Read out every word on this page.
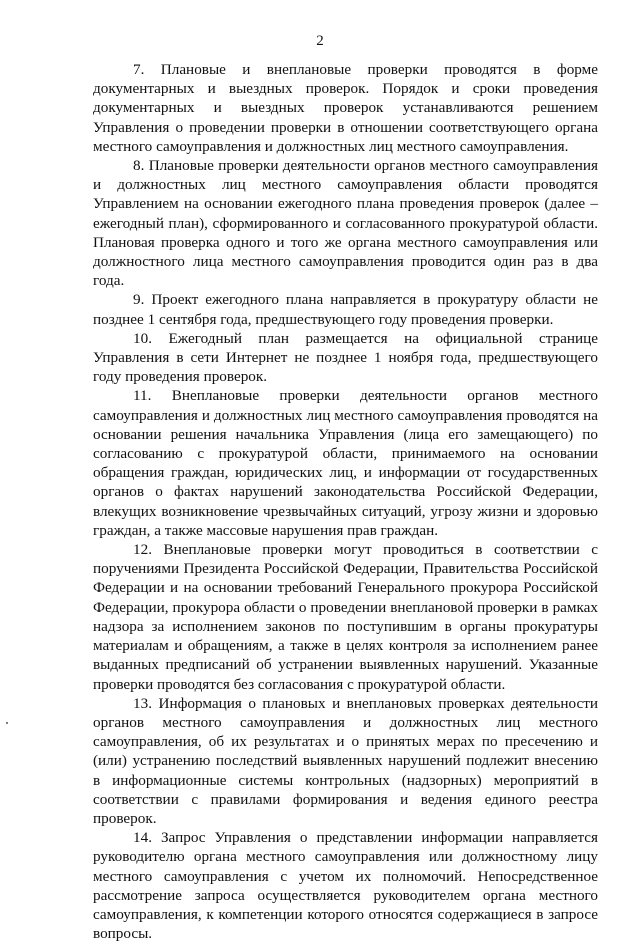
2

7. Плановые и внеплановые проверки проводятся в форме документарных и выездных проверок. Порядок и сроки проведения документарных и выездных проверок устанавливаются решением Управления о проведении проверки в отношении соответствующего органа местного самоуправления и должностных лиц местного самоуправления.

8. Плановые проверки деятельности органов местного самоуправления и должностных лиц местного самоуправления области проводятся Управлением на основании ежегодного плана проведения проверок (далее – ежегодный план), сформированного и согласованного прокуратурой области. Плановая проверка одного и того же органа местного самоуправления или должностного лица местного самоуправления проводится один раз в два года.

9. Проект ежегодного плана направляется в прокуратуру области не позднее 1 сентября года, предшествующего году проведения проверки.

10. Ежегодный план размещается на официальной странице Управления в сети Интернет не позднее 1 ноября года, предшествующего году проведения проверок.

11. Внеплановые проверки деятельности органов местного самоуправления и должностных лиц местного самоуправления проводятся на основании решения начальника Управления (лица его замещающего) по согласованию с прокуратурой области, принимаемого на основании обращения граждан, юридических лиц, и информации от государственных органов о фактах нарушений законодательства Российской Федерации, влекущих возникновение чрезвычайных ситуаций, угрозу жизни и здоровью граждан, а также массовые нарушения прав граждан.

12. Внеплановые проверки могут проводиться в соответствии с поручениями Президента Российской Федерации, Правительства Российской Федерации и на основании требований Генерального прокурора Российской Федерации, прокурора области о проведении внеплановой проверки в рамках надзора за исполнением законов по поступившим в органы прокуратуры материалам и обращениям, а также в целях контроля за исполнением ранее выданных предписаний об устранении выявленных нарушений. Указанные проверки проводятся без согласования с прокуратурой области.

13. Информация о плановых и внеплановых проверках деятельности органов местного самоуправления и должностных лиц местного самоуправления, об их результатах и о принятых мерах по пресечению и (или) устранению последствий выявленных нарушений подлежит внесению в информационные системы контрольных (надзорных) мероприятий в соответствии с правилами формирования и ведения единого реестра проверок.

14. Запрос Управления о представлении информации направляется руководителю органа местного самоуправления или должностному лицу местного самоуправления с учетом их полномочий. Непосредственное рассмотрение запроса осуществляется руководителем органа местного самоуправления, к компетенции которого относятся содержащиеся в запросе вопросы.
